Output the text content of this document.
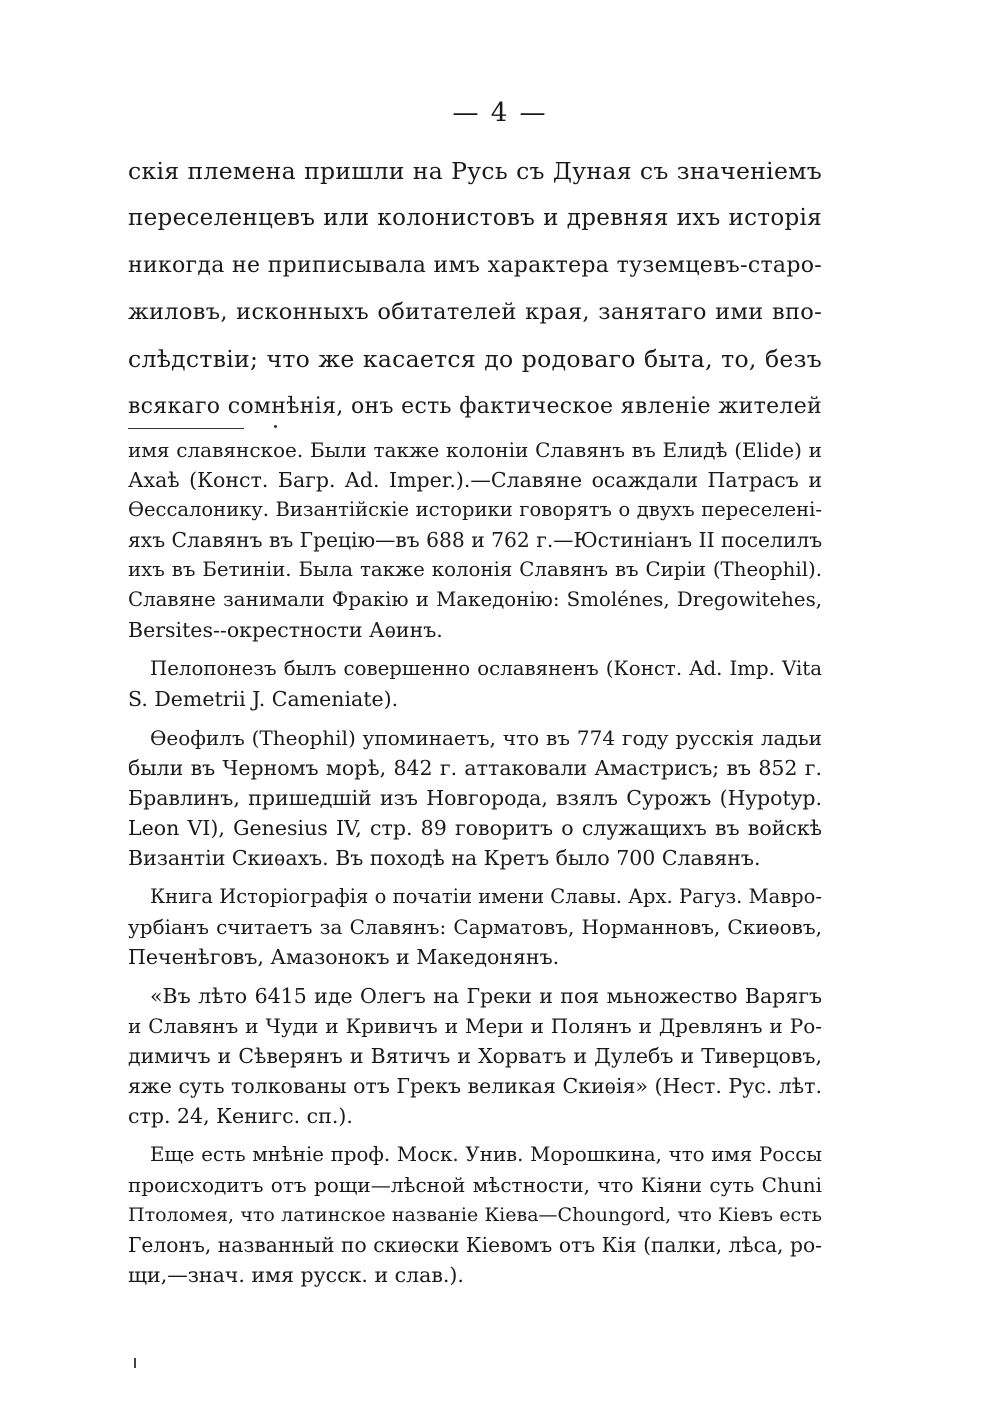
— 4 —
скія племена пришли на Русь съ Дуная съ значеніемъ
переселенцевъ или колонистовъ и древняя ихъ исторія
никогда не приписывала имъ характера туземцевъ-старо-
жиловъ, исконныхъ обитателей края, занятаго ими впо-
слѣдствіи; что же касается до родоваго быта, то, безъ
всякаго сомнѣнія, онъ есть фактическое явленіе жителей
имя славянское. Были также колоніи Славянъ въ Елидѣ (Elide) и
Ахаѣ (Конст. Багр. Ad. Imper.).—Славяне осаждали Патрасъ и
Ѳессалонику. Византійскіе историки говорятъ о двухъ переселені-
яхъ Славянъ въ Грецію—въ 688 и 762 г.—Юстиніанъ II поселилъ
ихъ въ Бетиніи. Была также колонія Славянъ въ Сиріи (Theophil).
Славяне занимали Фракію и Македонію: Smolénes, Dregowitehes,
Bersites--окрестности Аѳинъ.
Пелопонезъ былъ совершенно ославяненъ (Конст. Ad. Imp. Vita
S. Demetrii J. Cameniate).
Ѳеофилъ (Theophil) упоминаетъ, что въ 774 году русскія ладьи
были въ Черномъ морѣ, 842 г. аттаковали Амастрисъ; въ 852 г.
Бравлинъ, пришедшій изъ Новгорода, взялъ Сурожъ (Hypotyp.
Leon VI), Genesius IV, стр. 89 говоритъ о служащихъ въ войскѣ
Византіи Скиѳахъ. Въ походѣ на Кретъ было 700 Славянъ.
Книга Исторіографія о початіи имени Славы. Арх. Рагуз. Мавро-
урбіанъ считаетъ за Славянъ: Сарматовъ, Норманновъ, Скиѳовъ,
Печенѣговъ, Амазонокъ и Македонянъ.
«Въ лѣто 6415 иде Олегъ на Греки и поя мьножество Варягъ
и Славянъ и Чуди и Кривичъ и Мери и Полянъ и Древлянъ и Ро-
димичъ и Сѣверянъ и Вятичъ и Хорватъ и Дулебъ и Тиверцовъ,
яже суть толкованы отъ Грекъ великая Скиѳія» (Нест. Рус. лѣт.
стр. 24, Кенигс. сп.).
Еще есть мнѣніе проф. Моск. Унив. Морошкина, что имя Россы
происходитъ отъ рощи—лѣсной мѣстности, что Кіяни суть Chuni
Птоломея, что латинское названіе Кіева—Choungord, что Кіевъ есть
Гелонъ, названный по скиѳски Кіевомъ отъ Кія (палки, лѣса, ро-
щи,—знач. имя русск. и слав.).
